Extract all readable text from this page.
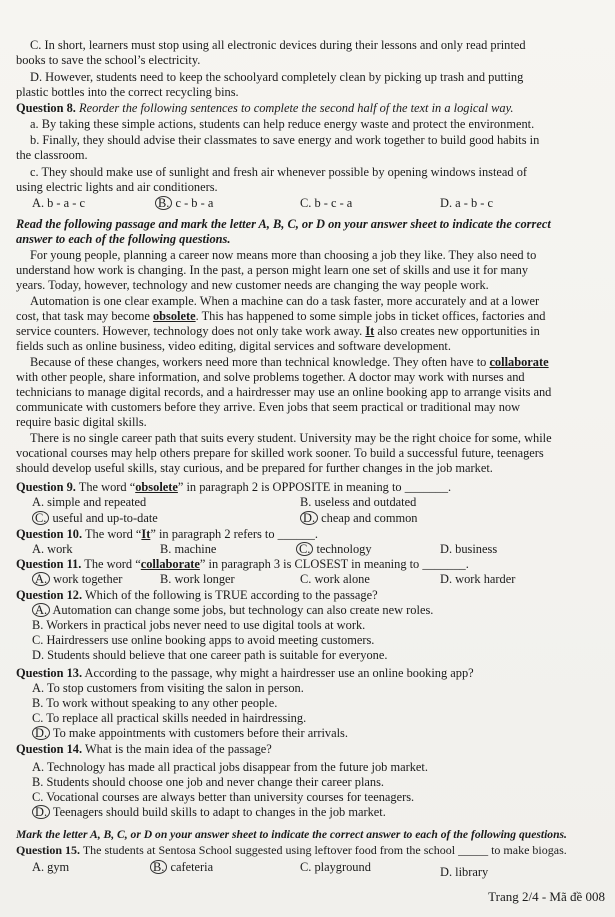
C. In short, learners must stop using all electronic devices during their lessons and only read printed
books to save the school’s electricity.
D. However, students need to keep the schoolyard completely clean by picking up trash and putting
plastic bottles into the correct recycling bins.
Question 8. Reorder the following sentences to complete the second half of the text in a logical way.
a. By taking these simple actions, students can help reduce energy waste and protect the environment.
b. Finally, they should advise their classmates to save energy and work together to build good habits in
the classroom.
c. They should make use of sunlight and fresh air whenever possible by opening windows instead of
using electric lights and air conditioners.
A. b - a - c	B. c - b - a	C. b - c - a	D. a - b - c
Read the following passage and mark the letter A, B, C, or D on your answer sheet to indicate the correct
answer to each of the following questions.
For young people, planning a career now means more than choosing a job they like. They also need to
understand how work is changing. In the past, a person might learn one set of skills and use it for many
years. Today, however, technology and new customer needs are changing the way people work.
Automation is one clear example. When a machine can do a task faster, more accurately and at a lower
cost, that task may become obsolete. This has happened to some simple jobs in ticket offices, factories and
service counters. However, technology does not only take work away. It also creates new opportunities in
fields such as online business, video editing, digital services and software development.
Because of these changes, workers need more than technical knowledge. They often have to collaborate
with other people, share information, and solve problems together. A doctor may work with nurses and
technicians to manage digital records, and a hairdresser may use an online booking app to arrange visits and
communicate with customers before they arrive. Even jobs that seem practical or traditional may now
require basic digital skills.
There is no single career path that suits every student. University may be the right choice for some, while
vocational courses may help others prepare for skilled work sooner. To build a successful future, teenagers
should develop useful skills, stay curious, and be prepared for further changes in the job market.
Question 9. The word “obsolete” in paragraph 2 is OPPOSITE in meaning to _______.
A. simple and repeated	B. useless and outdated
C. useful and up-to-date	D. cheap and common
Question 10. The word “It” in paragraph 2 refers to ______.
A. work	B. machine	C. technology	D. business
Question 11. The word “collaborate” in paragraph 3 is CLOSEST in meaning to _______.
A. work together	B. work longer	C. work alone	D. work harder
Question 12. Which of the following is TRUE according to the passage?
A. Automation can change some jobs, but technology can also create new roles.
B. Workers in practical jobs never need to use digital tools at work.
C. Hairdressers use online booking apps to avoid meeting customers.
D. Students should believe that one career path is suitable for everyone.
Question 13. According to the passage, why might a hairdresser use an online booking app?
A. To stop customers from visiting the salon in person.
B. To work without speaking to any other people.
C. To replace all practical skills needed in hairdressing.
D. To make appointments with customers before their arrivals.
Question 14. What is the main idea of the passage?
A. Technology has made all practical jobs disappear from the future job market.
B. Students should choose one job and never change their career plans.
C. Vocational courses are always better than university courses for teenagers.
D. Teenagers should build skills to adapt to changes in the job market.
Mark the letter A, B, C, or D on your answer sheet to indicate the correct answer to each of the following questions.
Question 15. The students at Sentosa School suggested using leftover food from the school _____ to make biogas.
A. gym	B. cafeteria	C. playground	D. library
Trang 2/4 - Mã đề 008
